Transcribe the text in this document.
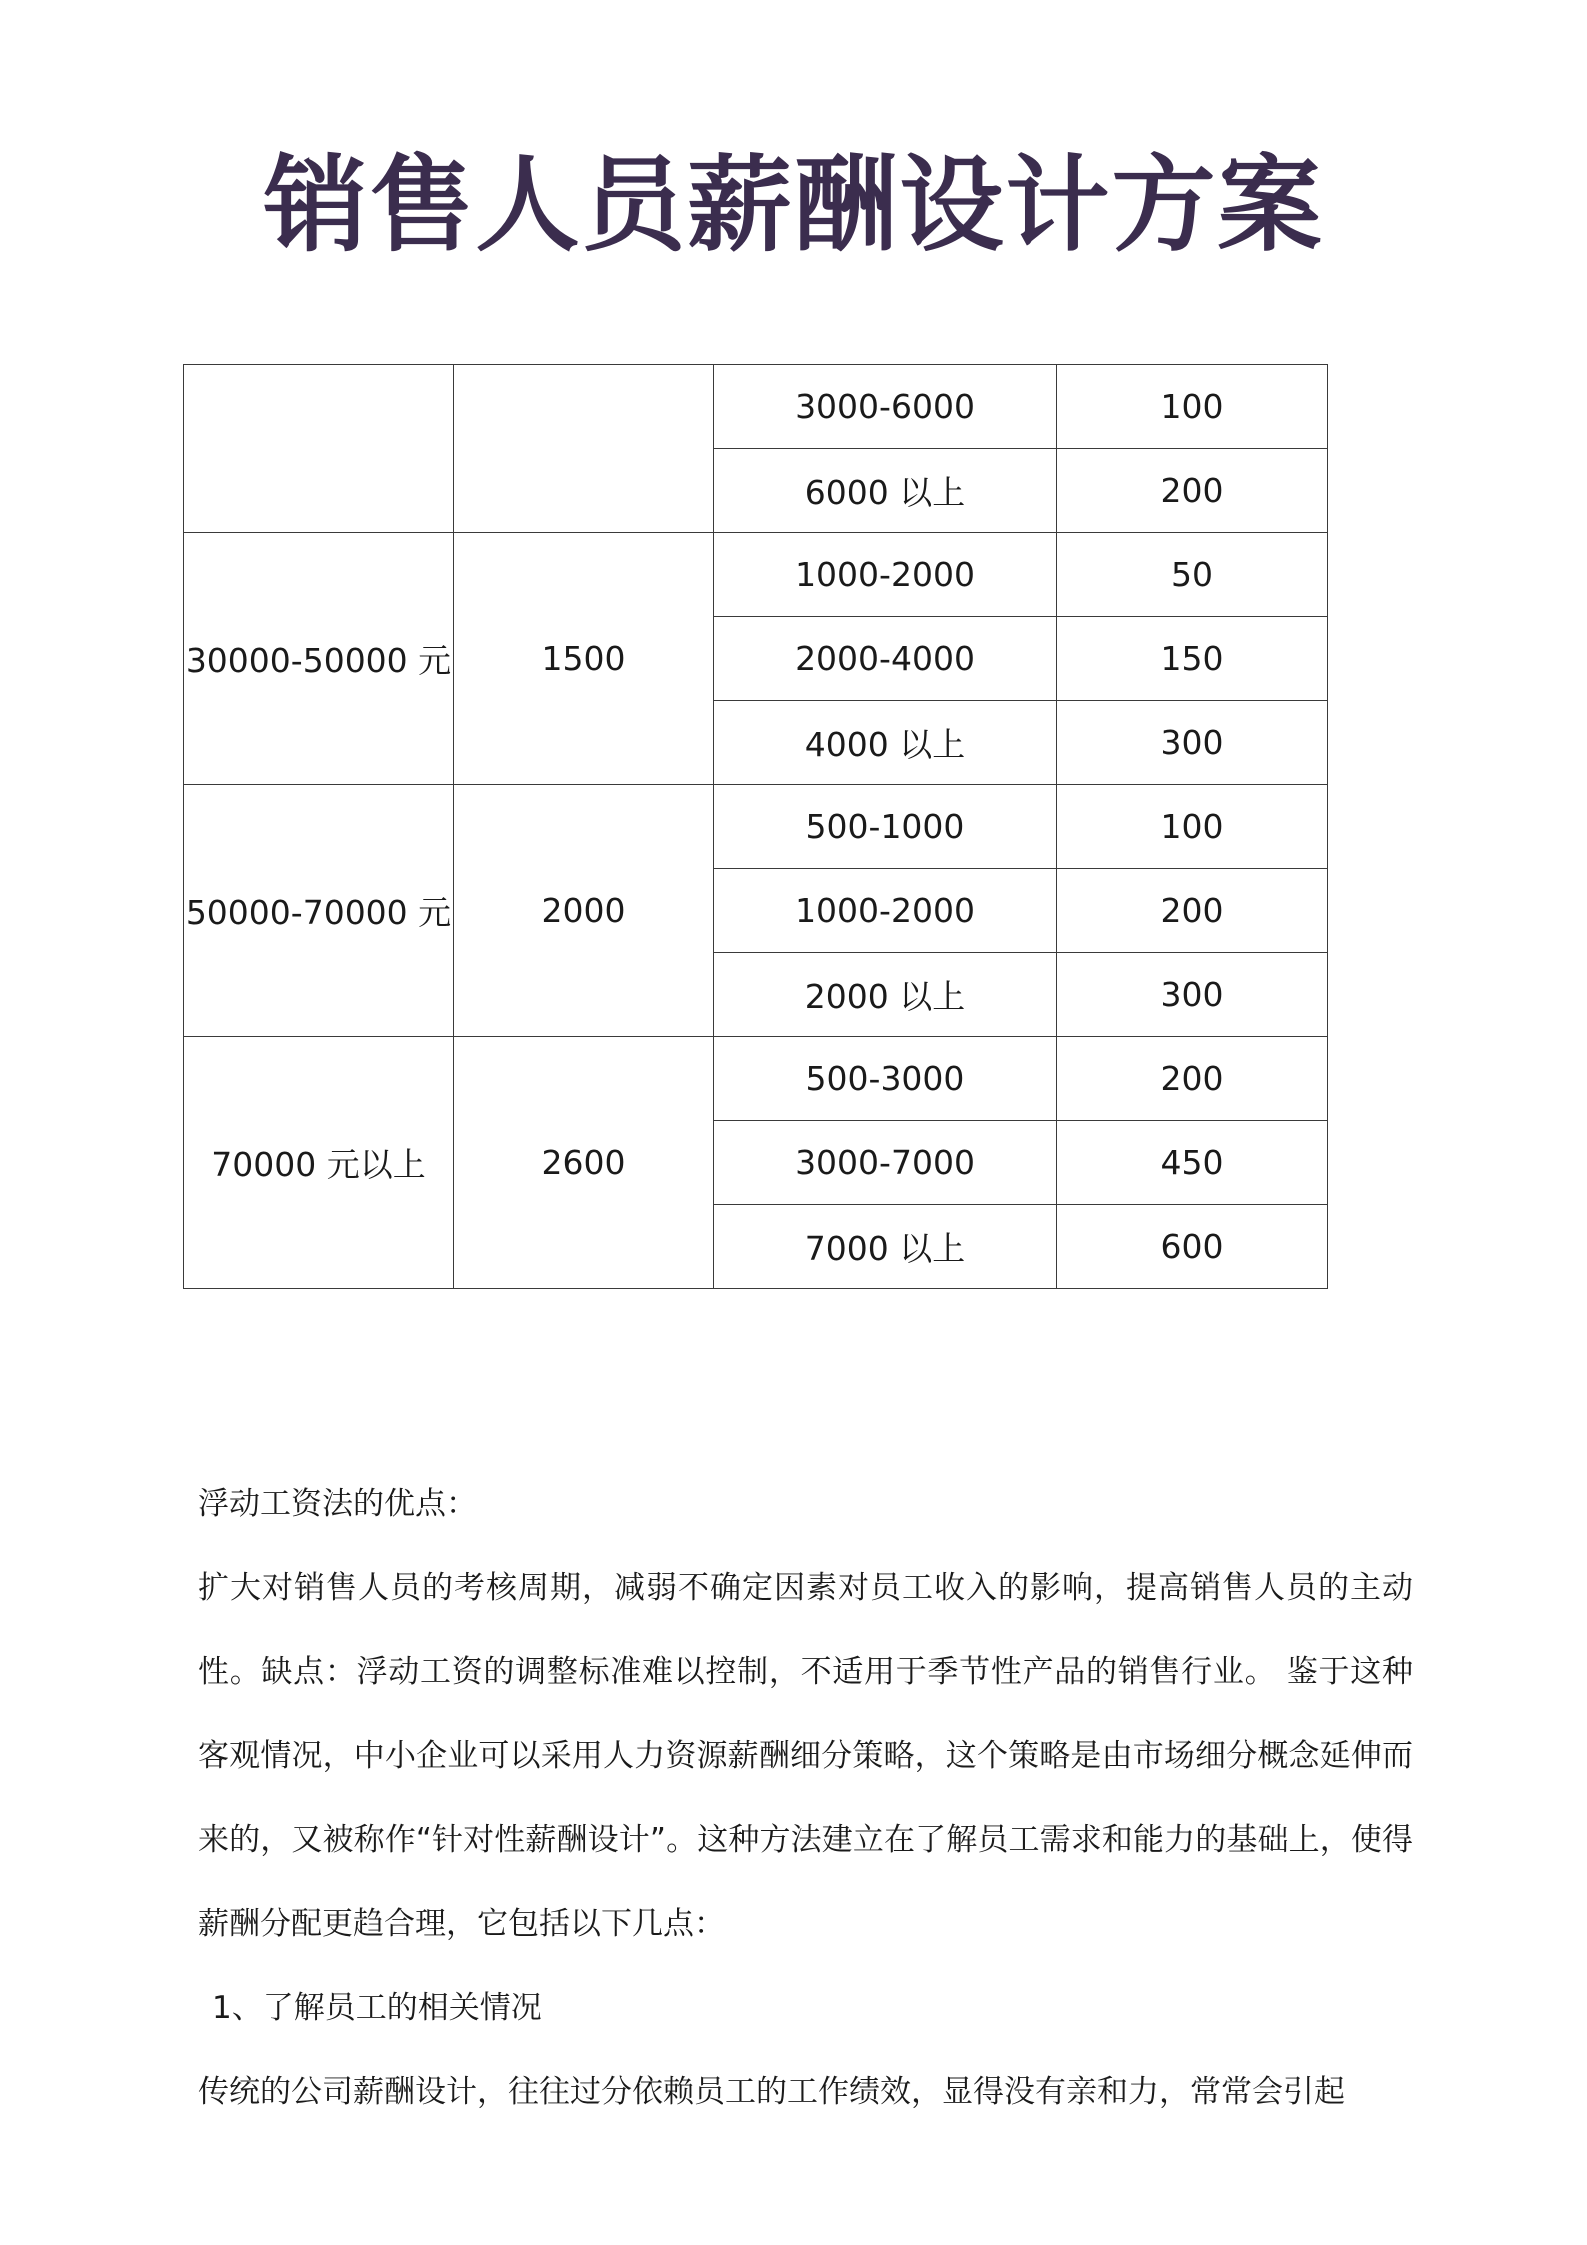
销售人员薪酬设计方案
		3000-6000	100
		6000 以上	200
30000-50000 元	1500	1000-2000	50
		2000-4000	150
		4000 以上	300
50000-70000 元	2000	500-1000	100
		1000-2000	200
		2000 以上	300
70000 元以上	2600	500-3000	200
		3000-7000	450
		7000 以上	600

浮动工资法的优点：

扩大对销售人员的考核周期，减弱不确定因素对员工收入的影响，提高销售人员的主动性。缺点：浮动工资的调整标准难以控制，不适用于季节性产品的销售行业。 鉴于这种客观情况，中小企业可以采用人力资源薪酬细分策略，这个策略是由市场细分概念延伸而来的，又被称作“针对性薪酬设计”。这种方法建立在了解员工需求和能力的基础上，使得薪酬分配更趋合理，它包括以下几点：

1、了解员工的相关情况

传统的公司薪酬设计，往往过分依赖员工的工作绩效，显得没有亲和力，常常会引起
